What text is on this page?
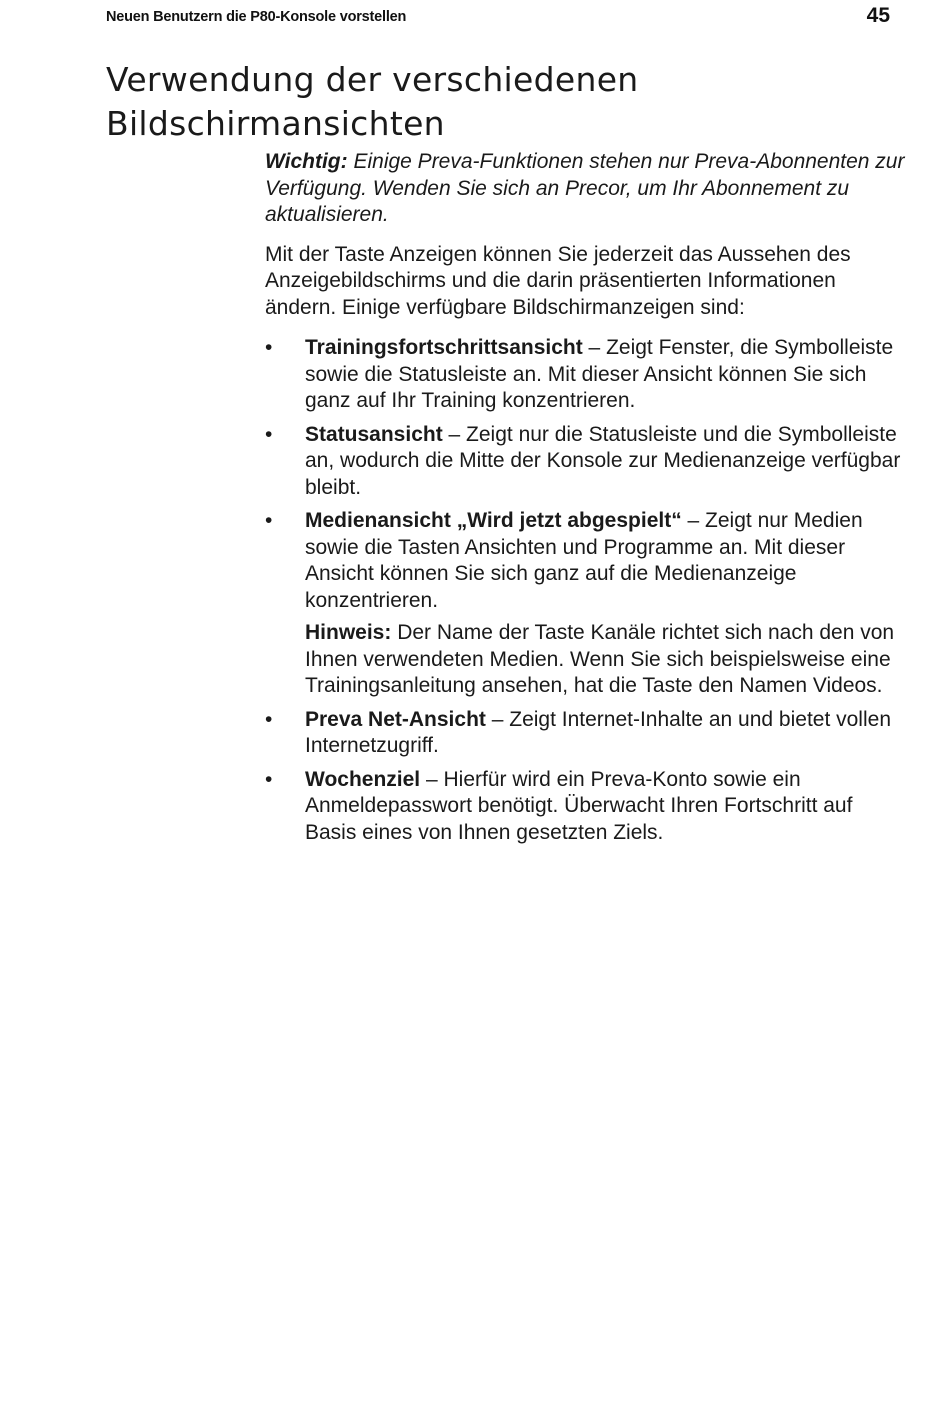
Neuen Benutzern die P80-Konsole vorstellen	45
Verwendung der verschiedenen Bildschirmansichten

Wichtig: Einige Preva-Funktionen stehen nur Preva-Abonnenten zur Verfügung. Wenden Sie sich an Precor, um Ihr Abonnement zu aktualisieren.

Mit der Taste Anzeigen können Sie jederzeit das Aussehen des Anzeigebildschirms und die darin präsentierten Informationen ändern. Einige verfügbare Bildschirmanzeigen sind:

• Trainingsfortschrittsansicht – Zeigt Fenster, die Symbolleiste sowie die Statusleiste an. Mit dieser Ansicht können Sie sich ganz auf Ihr Training konzentrieren.
• Statusansicht – Zeigt nur die Statusleiste und die Symbolleiste an, wodurch die Mitte der Konsole zur Medienanzeige verfügbar bleibt.
• Medienansicht „Wird jetzt abgespielt“ – Zeigt nur Medien sowie die Tasten Ansichten und Programme an. Mit dieser Ansicht können Sie sich ganz auf die Medienanzeige konzentrieren.

Hinweis: Der Name der Taste Kanäle richtet sich nach den von Ihnen verwendeten Medien. Wenn Sie sich beispielsweise eine Trainingsanleitung ansehen, hat die Taste den Namen Videos.

• Preva Net-Ansicht – Zeigt Internet-Inhalte an und bietet vollen Internetzugriff.
• Wochenziel – Hierfür wird ein Preva-Konto sowie ein Anmeldepasswort benötigt. Überwacht Ihren Fortschritt auf Basis eines von Ihnen gesetzten Ziels.
